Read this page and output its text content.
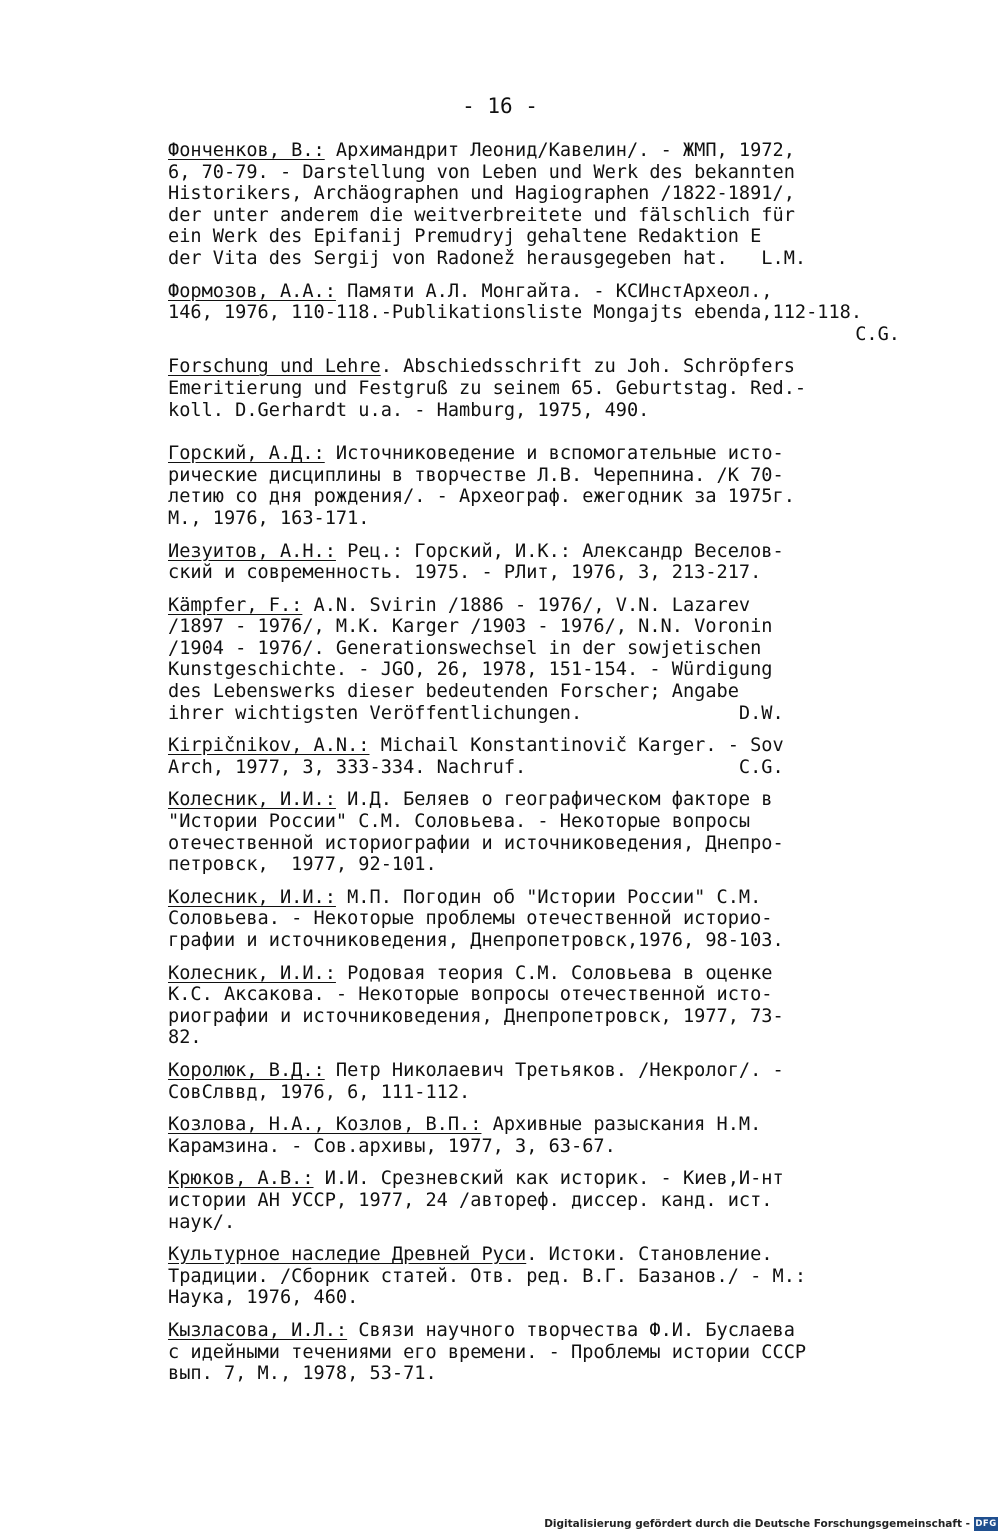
- 16 -
Фонченков, В.: Архимандрит Леонид/Кавелин/. - ЖМП, 1972,
6, 70-79. - Darstellung von Leben und Werk des bekannten
Historikers, Archäographen und Hagiographen /1822-1891/,
der unter anderem die weitverbreitete und fälschlich für
ein Werk des Epifanij Premudryj gehaltene Redaktion E
der Vita des Sergij von Radonež herausgegeben hat.   L.M.
Формозов, А.А.: Памяти А.Л. Монгайта. - КСИнстАрхеол.,
146, 1976, 110-118.-Publikationsliste Mongajts ebenda,112-118.
C.G.
Forschung und Lehre. Abschiedsschrift zu Joh. Schröpfers
Emeritierung und Festgruß zu seinem 65. Geburtstag. Red.-
koll. D.Gerhardt u.a. - Hamburg, 1975, 490.
Горский, А.Д.: Источниковедение и вспомогательные исто-
рические дисциплины в творчестве Л.В. Черепнина. /К 70-
летию со дня рождения/. - Археограф. ежегодник за 1975г.
М., 1976, 163-171.
Иезуитов, А.Н.: Рец.: Горский, И.К.: Александр Веселов-
ский и современность. 1975. - РЛит, 1976, 3, 213-217.
Kämpfer, F.: A.N. Svirin /1886 - 1976/, V.N. Lazarev
/1897 - 1976/, M.K. Karger /1903 - 1976/, N.N. Voronin
/1904 - 1976/. Generationswechsel in der sowjetischen
Kunstgeschichte. - JGO, 26, 1978, 151-154. - Würdigung
des Lebenswerks dieser bedeutenden Forscher; Angabe
ihrer wichtigsten Veröffentlichungen.              D.W.
Kirpičnikov, A.N.: Michail Konstantinovič Karger. - Sov
Arch, 1977, 3, 333-334. Nachruf.                   C.G.
Колесник, И.И.: И.Д. Беляев о географическом факторе в
"Истории России" С.М. Соловьева. - Некоторые вопросы
отечественной историографии и источниковедения, Днепро-
петровск,  1977, 92-101.
Колесник, И.И.: М.П. Погодин об "Истории России" С.М.
Соловьева. - Некоторые проблемы отечественной историо-
графии и источниковедения, Днепропетровск,1976, 98-103.
Колесник, И.И.: Родовая теория С.М. Соловьева в оценке
К.С. Аксакова. - Некоторые вопросы отечественной исто-
риографии и источниковедения, Днепропетровск, 1977, 73-
82.
Королюк, В.Д.: Петр Николаевич Третьяков. /Некролог/. -
СовСлввд, 1976, 6, 111-112.
Козлова, Н.А., Козлов, В.П.: Архивные разыскания Н.М.
Карамзина. - Сов.архивы, 1977, 3, 63-67.
Крюков, А.В.: И.И. Срезневский как историк. - Киев,И-нт
истории АН УССР, 1977, 24 /автореф. диссер. канд. ист.
наук/.
Культурное наследие Древней Руси. Истоки. Становление.
Традиции. /Сборник статей. Отв. ред. В.Г. Базанов./ - М.:
Наука, 1976, 460.
Кызласова, И.Л.: Связи научного творчества Ф.И. Буслаева
с идейными течениями его времени. - Проблемы истории СССР
вып. 7, М., 1978, 53-71.
Digitalisierung gefördert durch die Deutsche Forschungsgemeinschaft - DFG
